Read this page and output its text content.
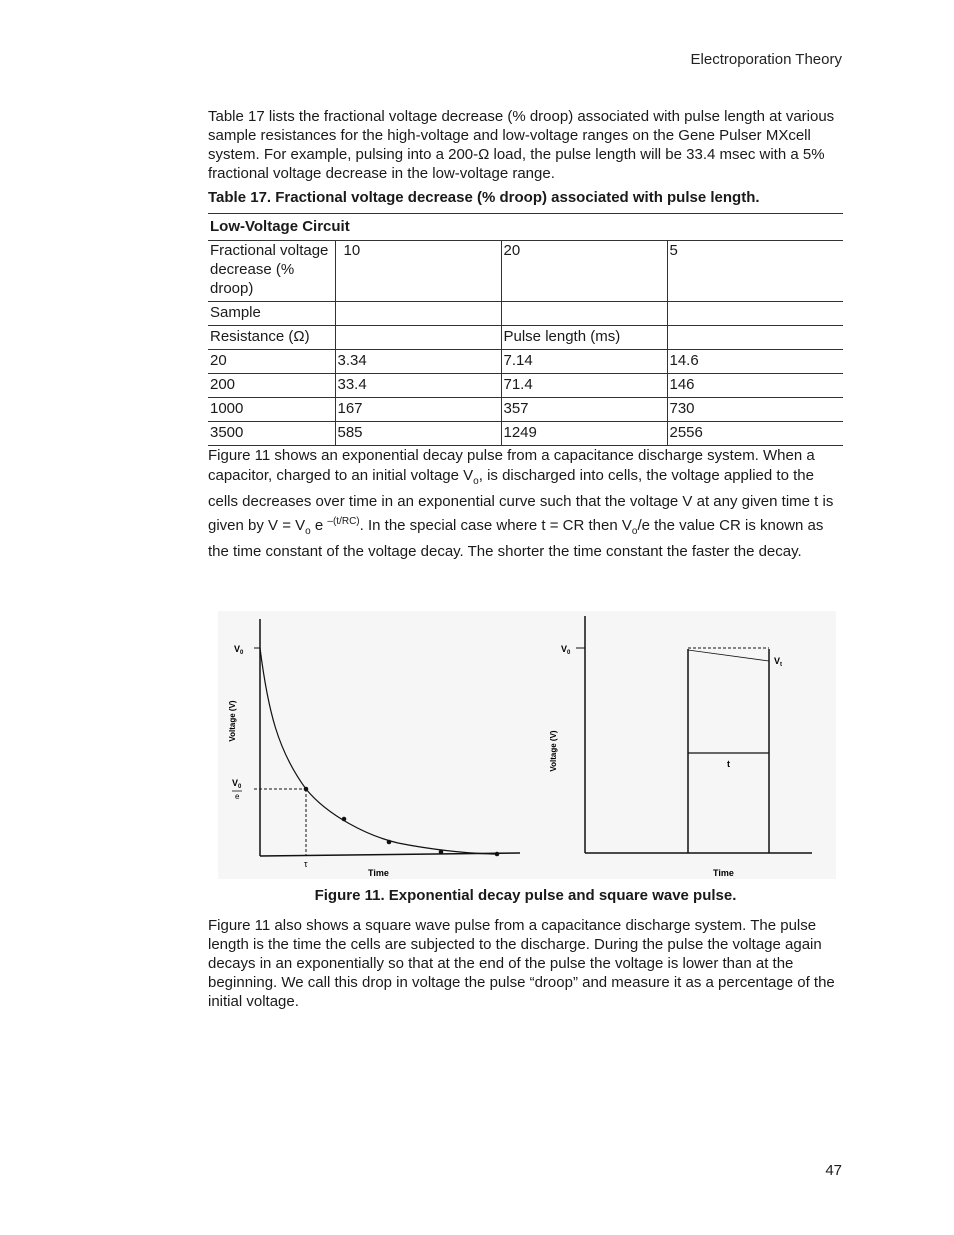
Electroporation Theory

Table 17 lists the fractional voltage decrease (% droop) associated with pulse length at various sample resistances for the high-voltage and low-voltage ranges on the Gene Pulser MXcell system. For example, pulsing into a 200-Ω load, the pulse length will be 33.4 msec with a 5% fractional voltage decrease in the low-voltage range.

Table 17. Fractional voltage decrease (% droop) associated with pulse length.
Low-Voltage Circuit			
Fractional voltage decrease (% droop)	10	20	5
Sample			
Resistance (Ω)		Pulse length (ms)	
20	3.34	7.14	14.6
200	33.4	71.4	146
1000	167	357	730
3500	585	1249	2556

Figure 11 shows an exponential decay pulse from a capacitance discharge system. When a capacitor, charged to an initial voltage $V_o$, is discharged into cells, the voltage applied to the cells decreases over time in an exponential curve such that the voltage V at any given time t is given by $V = V_o$ e $^{-(t/RC)}$. In the special case where t = CR then $V_o/e$ the value CR is known as the time constant of the voltage decay. The shorter the time constant the faster the decay.

$V_0$
$V_0$
e
τ
Time
Voltage (V)
$V_0$
$V_t$
t
Time
Voltage (V)
Figure 11. Exponential decay pulse and square wave pulse.

Figure 11 also shows a square wave pulse from a capacitance discharge system. The pulse length is the time the cells are subjected to the discharge. During the pulse the voltage again decays in an exponentially so that at the end of the pulse the voltage is lower than at the beginning. We call this drop in voltage the pulse “droop” and measure it as a percentage of the initial voltage.

47
